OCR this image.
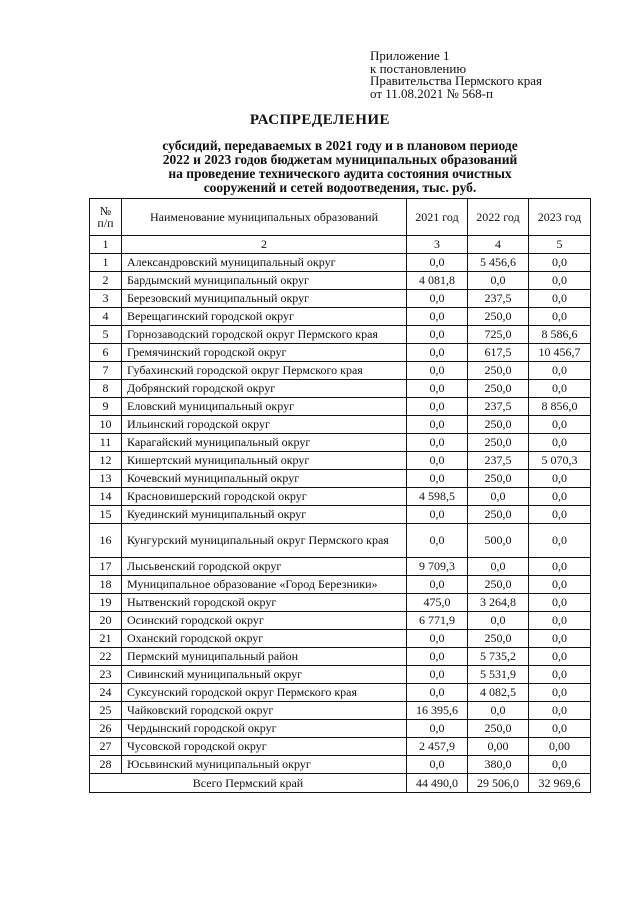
Приложение 1
к постановлению
Правительства Пермского края
от 11.08.2021 № 568-п
РАСПРЕДЕЛЕНИЕ
субсидий, передаваемых в 2021 году и в плановом периоде
2022 и 2023 годов бюджетам муниципальных образований
на проведение технического аудита состояния очистных
сооружений и сетей водоотведения, тыс. руб.
№
п/п	Наименование муниципальных образований	2021 год	2022 год	2023 год
1	2	3	4	5
1	Александровский муниципальный округ	0,0	5 456,6	0,0
2	Бардымский муниципальный округ	4 081,8	0,0	0,0
3	Березовский муниципальный округ	0,0	237,5	0,0
4	Верещагинский городской округ	0,0	250,0	0,0
5	Горнозаводский городской округ Пермского края	0,0	725,0	8 586,6
6	Гремячинский городской округ	0,0	617,5	10 456,7
7	Губахинский городской округ Пермского края	0,0	250,0	0,0
8	Добрянский городской округ	0,0	250,0	0,0
9	Еловский муниципальный округ	0,0	237,5	8 856,0
10	Ильинский городской округ	0,0	250,0	0,0
11	Карагайский муниципальный округ	0,0	250,0	0,0
12	Кишертский муниципальный округ	0,0	237,5	5 070,3
13	Кочевский муниципальный округ	0,0	250,0	0,0
14	Красновишерский городской округ	4 598,5	0,0	0,0
15	Куединский муниципальный округ	0,0	250,0	0,0
16	Кунгурский муниципальный округ Пермского края	0,0	500,0	0,0
17	Лысьвенский городской округ	9 709,3	0,0	0,0
18	Муниципальное образование «Город Березники»	0,0	250,0	0,0
19	Нытвенский городской округ	475,0	3 264,8	0,0
20	Осинский городской округ	6 771,9	0,0	0,0
21	Оханский городской округ	0,0	250,0	0,0
22	Пермский муниципальный район	0,0	5 735,2	0,0
23	Сивинский муниципальный округ	0,0	5 531,9	0,0
24	Суксунский городской округ Пермского края	0,0	4 082,5	0,0
25	Чайковский городской округ	16 395,6	0,0	0,0
26	Чердынский городской округ	0,0	250,0	0,0
27	Чусовской городской округ	2 457,9	0,00	0,00
28	Юсьвинский муниципальный округ	0,0	380,0	0,0
Всего Пермский край		44 490,0	29 506,0	32 969,6
